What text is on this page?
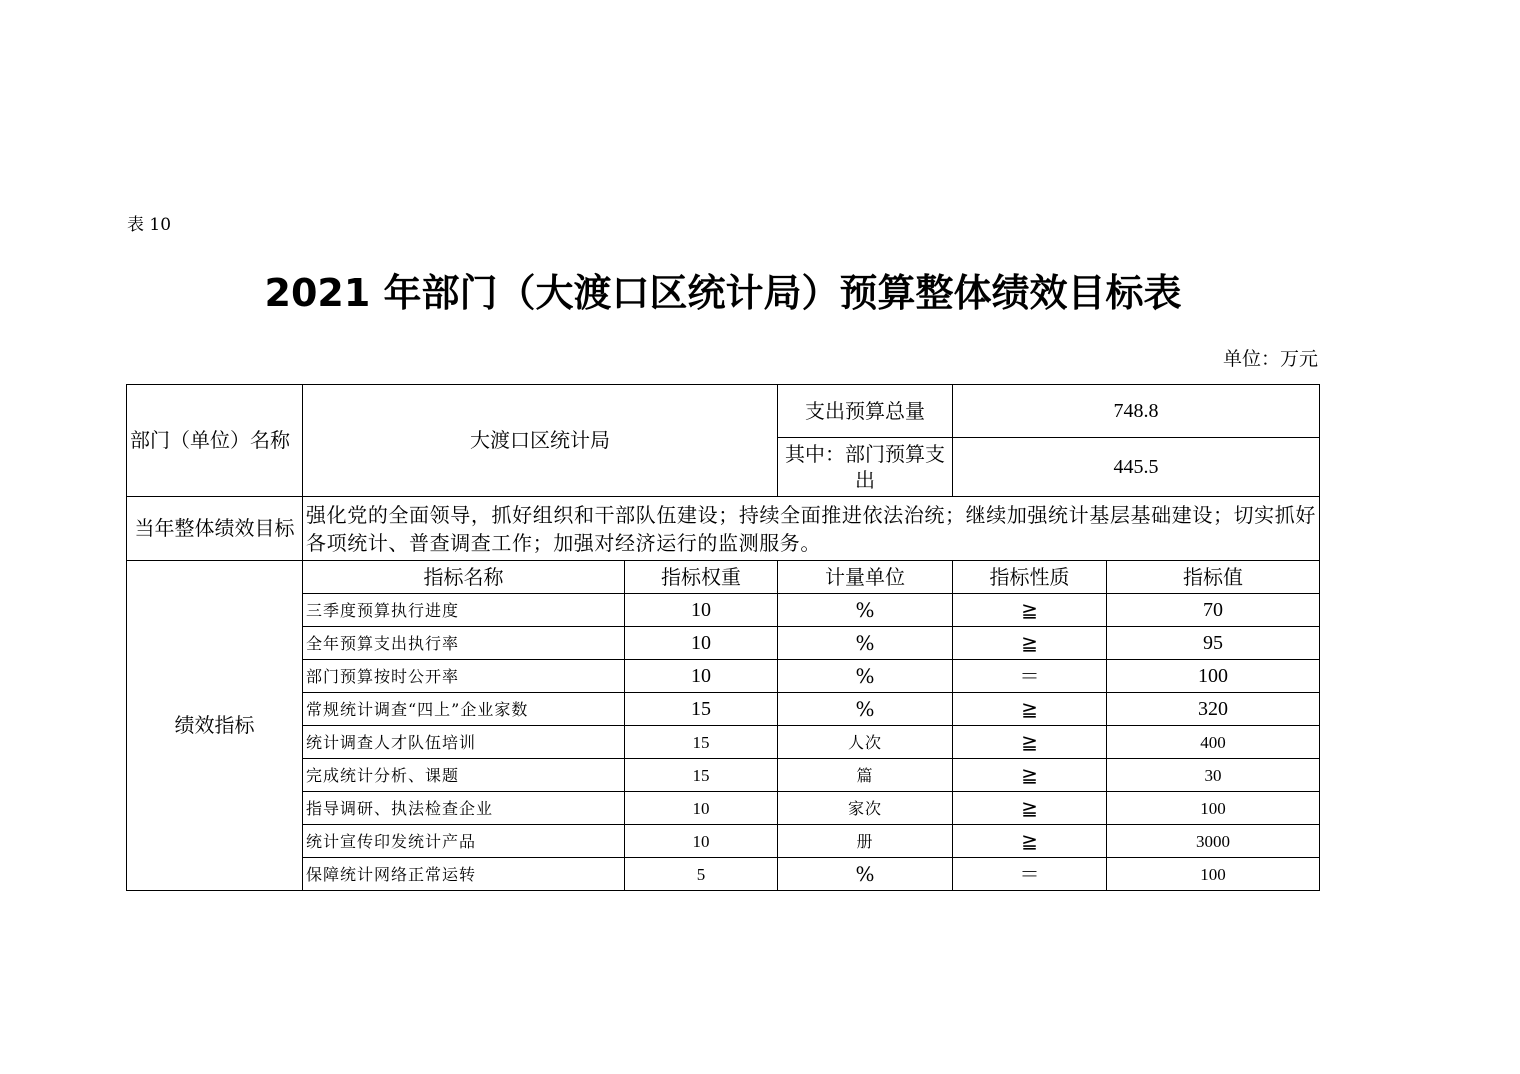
表 10
2021 年部门（大渡口区统计局）预算整体绩效目标表
单位：万元
部门（单位）名称	大渡口区统计局		支出预算总量	748.8	
			其中：部门预算支出	445.5	
当年整体绩效目标	强化党的全面领导，抓好组织和干部队伍建设；持续全面推进依法治统；继续加强统计基层基础建设；切实抓好各项统计、普查调查工作；加强对经济运行的监测服务。				
绩效指标	指标名称	指标权重	计量单位	指标性质	指标值
	三季度预算执行进度	10	%	≧	70
	全年预算支出执行率	10	%	≧	95
	部门预算按时公开率	10	%	＝	100
	常规统计调查“四上”企业家数	15	%	≧	320
	统计调查人才队伍培训	15	人次	≧	400
	完成统计分析、课题	15	篇	≧	30
	指导调研、执法检查企业	10	家次	≧	100
	统计宣传印发统计产品	10	册	≧	3000
	保障统计网络正常运转	5	%	＝	100
